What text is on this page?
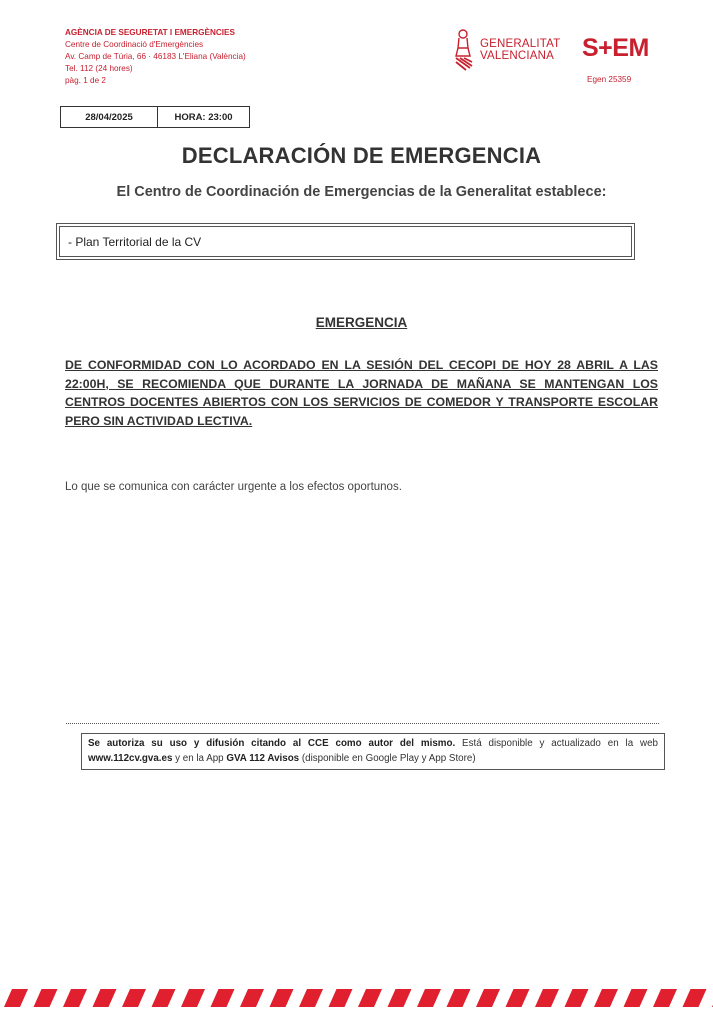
AGÈNCIA DE SEGURETAT I EMERGÈNCIES
Centre de Coordinació d'Emergències
Av. Camp de Túria, 66 · 46183 L'Eliana (València)
Tel. 112 (24 hores)
pàg. 1 de 2
GENERALITAT
VALENCIANA S+EM
Egen 25359
28/04/2025	HORA: 23:00
DECLARACIÓN DE EMERGENCIA
El Centro de Coordinación de Emergencias de la Generalitat establece:
- Plan Territorial de la CV
EMERGENCIA
DE CONFORMIDAD CON LO ACORDADO EN LA SESIÓN DEL CECOPI DE HOY 28 ABRIL A LAS 22:00H, SE RECOMIENDA QUE DURANTE LA JORNADA DE MAÑANA SE MANTENGAN LOS CENTROS DOCENTES ABIERTOS CON LOS SERVICIOS DE COMEDOR Y TRANSPORTE ESCOLAR PERO SIN ACTIVIDAD LECTIVA.
Lo que se comunica con carácter urgente a los efectos oportunos.
Se autoriza su uso y difusión citando al CCE como autor del mismo. Está disponible y actualizado en la web www.112cv.gva.es y en la App GVA 112 Avisos (disponible en Google Play y App Store)
